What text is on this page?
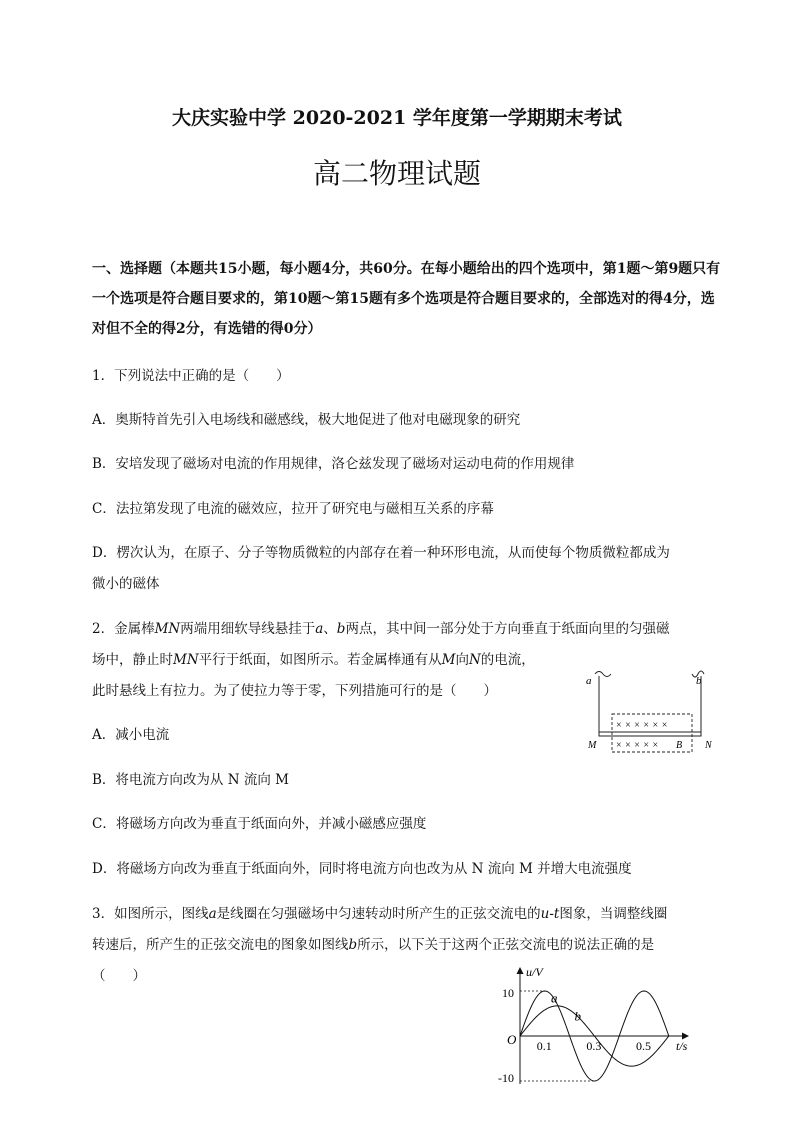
大庆实验中学 2020-2021 学年度第一学期期末考试
高二物理试题
一、选择题（本题共15小题，每小题4分，共60分。在每小题给出的四个选项中，第1题～第9题只有
一个选项是符合题目要求的，第10题～第15题有多个选项是符合题目要求的，全部选对的得4分，选
对但不全的得2分，有选错的得0分）
1．下列说法中正确的是（　　）
A．奥斯特首先引入电场线和磁感线，极大地促进了他对电磁现象的研究
B．安培发现了磁场对电流的作用规律，洛仑兹发现了磁场对运动电荷的作用规律
C．法拉第发现了电流的磁效应，拉开了研究电与磁相互关系的序幕
D．楞次认为，在原子、分子等物质微粒的内部存在着一种环形电流，从而使每个物质微粒都成为
微小的磁体
2．金属棒MN两端用细软导线悬挂于a、b两点，其中间一部分处于方向垂直于纸面向里的匀强磁
场中，静止时MN平行于纸面，如图所示。若金属棒通有从M向N的电流，
此时悬线上有拉力。为了使拉力等于零，下列措施可行的是（　　）
A．减小电流
B．将电流方向改为从 N 流向 M
C．将磁场方向改为垂直于纸面向外，并减小磁感应强度
D．将磁场方向改为垂直于纸面向外，同时将电流方向也改为从 N 流向 M 并增大电流强度
a	b
× × × × × ×
× × × × × B
M	N
3．如图所示，图线a是线圈在匀强磁场中匀速转动时所产生的正弦交流电的u-t图象，当调整线圈
转速后，所产生的正弦交流电的图象如图线b所示，以下关于这两个正弦交流电的说法正确的是
（　　）	u/V
t/s
O
10
-10
0.1	0.3	0.5
a
b
